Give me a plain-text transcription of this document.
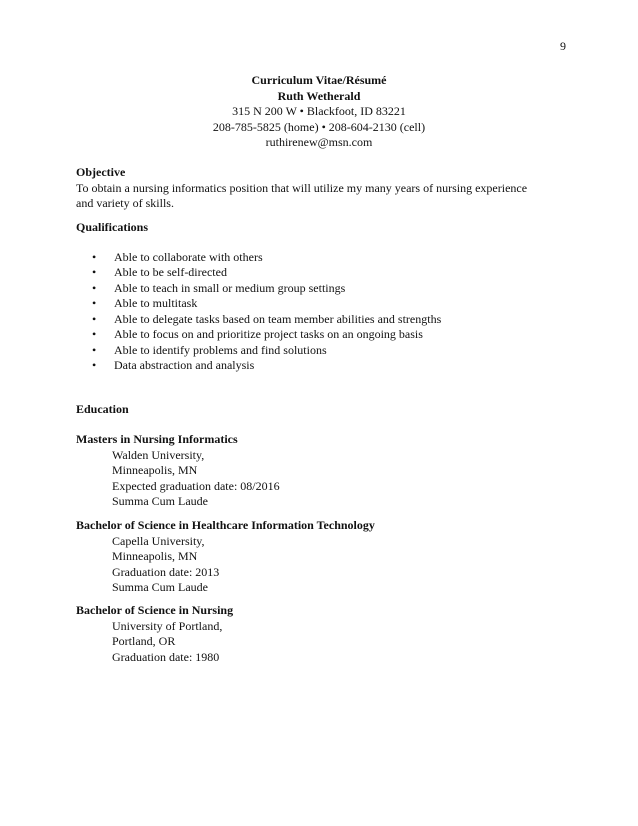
9
Curriculum Vitae/Résumé
Ruth Wetherald
315 N 200 W • Blackfoot, ID 83221
208-785-5825 (home) • 208-604-2130 (cell)
ruthirenew@msn.com
Objective
To obtain a nursing informatics position that will utilize my many years of nursing experience
and variety of skills.
Qualifications
• Able to collaborate with others
• Able to be self-directed
• Able to teach in small or medium group settings
• Able to multitask
• Able to delegate tasks based on team member abilities and strengths
• Able to focus on and prioritize project tasks on an ongoing basis
• Able to identify problems and find solutions
• Data abstraction and analysis
Education
Masters in Nursing Informatics
Walden University,
Minneapolis, MN
Expected graduation date: 08/2016
Summa Cum Laude
Bachelor of Science in Healthcare Information Technology
Capella University,
Minneapolis, MN
Graduation date: 2013
Summa Cum Laude
Bachelor of Science in Nursing
University of Portland,
Portland, OR
Graduation date: 1980
